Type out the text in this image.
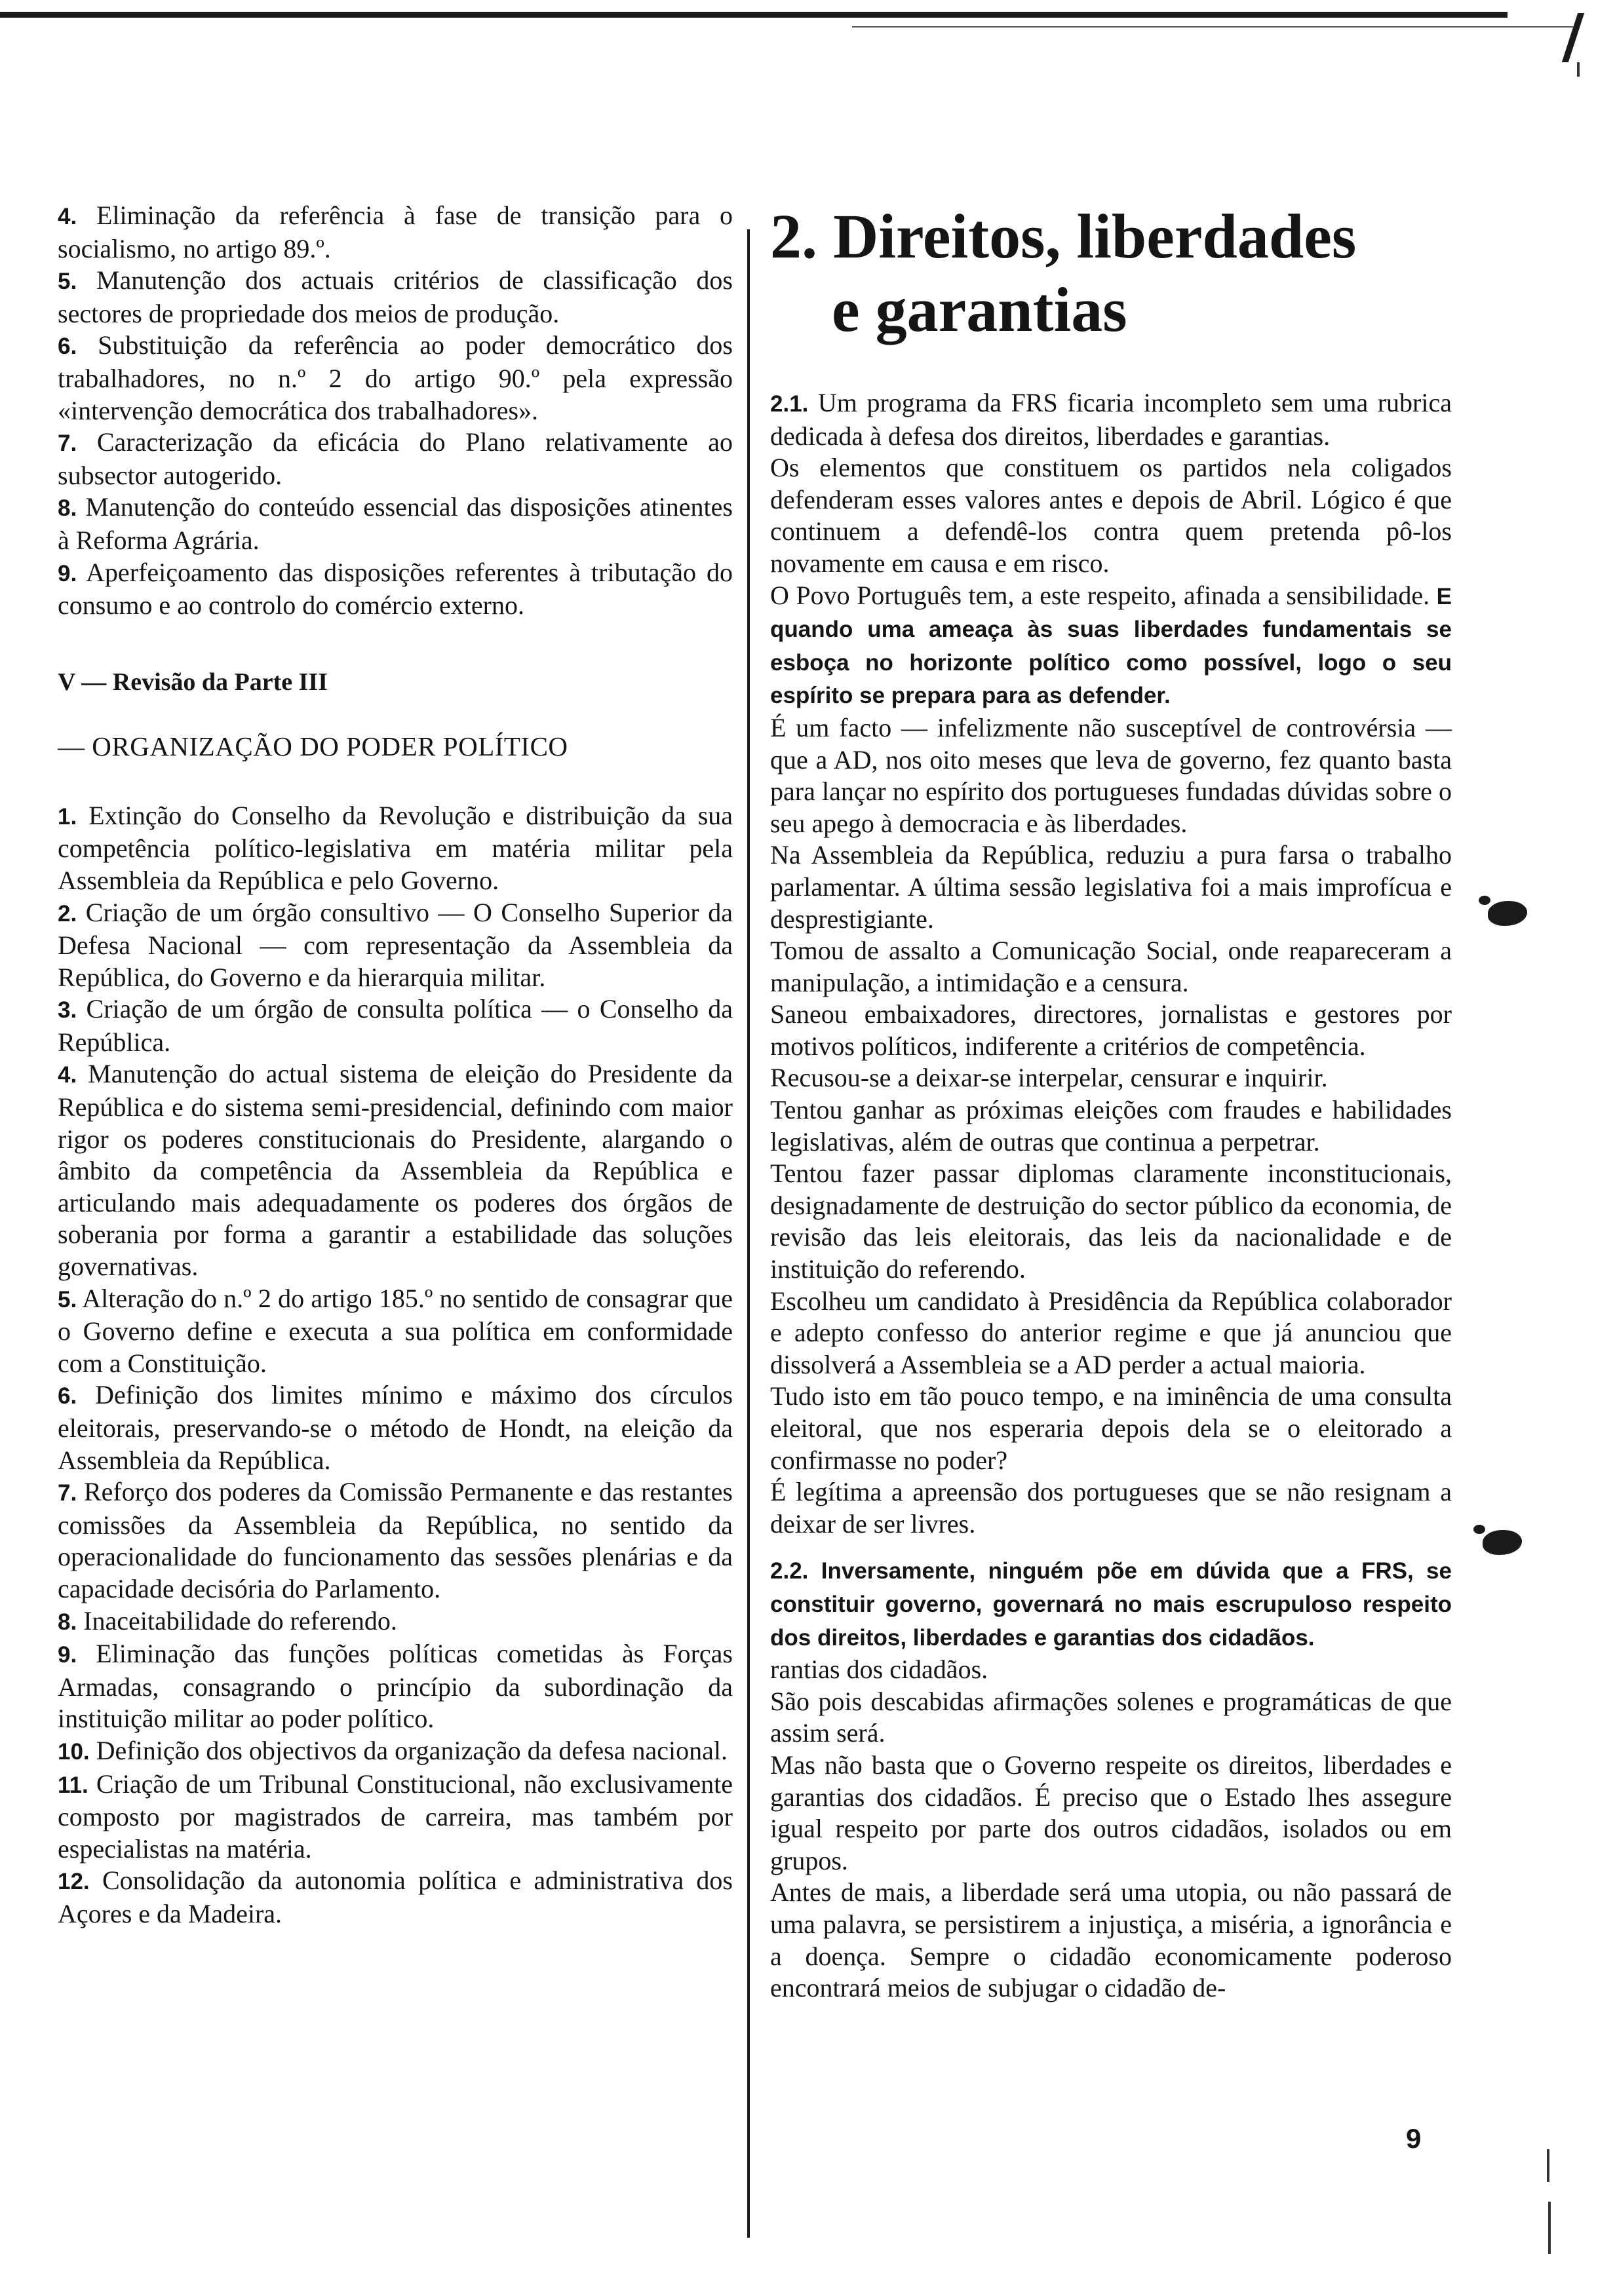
4. Eliminação da referência à fase de transição para o socialismo, no artigo 89.º.

5. Manutenção dos actuais critérios de classificação dos sectores de propriedade dos meios de produção.

6. Substituição da referência ao poder democrático dos trabalhadores, no n.º 2 do artigo 90.º pela expressão «intervenção democrática dos trabalhadores».

7. Caracterização da eficácia do Plano relativamente ao subsector autogerido.

8. Manutenção do conteúdo essencial das disposições atinentes à Reforma Agrária.

9. Aperfeiçoamento das disposições referentes à tributação do consumo e ao controlo do comércio externo.

V — Revisão da Parte III

— ORGANIZAÇÃO DO PODER POLÍTICO

1. Extinção do Conselho da Revolução e distribuição da sua competência político-legislativa em matéria militar pela Assembleia da República e pelo Governo.

2. Criação de um órgão consultivo — O Conselho Superior da Defesa Nacional — com representação da Assembleia da República, do Governo e da hierarquia militar.

3. Criação de um órgão de consulta política — o Conselho da República.

4. Manutenção do actual sistema de eleição do Presidente da República e do sistema semi-presidencial, definindo com maior rigor os poderes constitucionais do Presidente, alargando o âmbito da competência da Assembleia da República e articulando mais adequadamente os poderes dos órgãos de soberania por forma a garantir a estabilidade das soluções governativas.

5. Alteração do n.º 2 do artigo 185.º no sentido de consagrar que o Governo define e executa a sua política em conformidade com a Constituição.

6. Definição dos limites mínimo e máximo dos círculos eleitorais, preservando-se o método de Hondt, na eleição da Assembleia da República.

7. Reforço dos poderes da Comissão Permanente e das restantes comissões da Assembleia da República, no sentido da operacionalidade do funcionamento das sessões plenárias e da capacidade decisória do Parlamento.

8. Inaceitabilidade do referendo.

9. Eliminação das funções políticas cometidas às Forças Armadas, consagrando o princípio da subordinação da instituição militar ao poder político.

10. Definição dos objectivos da organização da defesa nacional.

11. Criação de um Tribunal Constitucional, não exclusivamente composto por magistrados de carreira, mas também por especialistas na matéria.

12. Consolidação da autonomia política e administrativa dos Açores e da Madeira.

2. Direitos, liberdades
e garantias

2.1. Um programa da FRS ficaria incompleto sem uma rubrica dedicada à defesa dos direitos, liberdades e garantias.

Os elementos que constituem os partidos nela coligados defenderam esses valores antes e depois de Abril. Lógico é que continuem a defendê-los contra quem pretenda pô-los novamente em causa e em risco.

O Povo Português tem, a este respeito, afinada a sensibilidade. E quando uma ameaça às suas liberdades fundamentais se esboça no horizonte político como possível, logo o seu espírito se prepara para as defender.

É um facto — infelizmente não susceptível de controvérsia — que a AD, nos oito meses que leva de governo, fez quanto basta para lançar no espírito dos portugueses fundadas dúvidas sobre o seu apego à democracia e às liberdades.

Na Assembleia da República, reduziu a pura farsa o trabalho parlamentar. A última sessão legislativa foi a mais improfícua e desprestigiante.

Tomou de assalto a Comunicação Social, onde reapareceram a manipulação, a intimidação e a censura.

Saneou embaixadores, directores, jornalistas e gestores por motivos políticos, indiferente a critérios de competência.

Recusou-se a deixar-se interpelar, censurar e inquirir.

Tentou ganhar as próximas eleições com fraudes e habilidades legislativas, além de outras que continua a perpetrar.

Tentou fazer passar diplomas claramente inconstitucionais, designadamente de destruição do sector público da economia, de revisão das leis eleitorais, das leis da nacionalidade e de instituição do referendo.

Escolheu um candidato à Presidência da República colaborador e adepto confesso do anterior regime e que já anunciou que dissolverá a Assembleia se a AD perder a actual maioria.

Tudo isto em tão pouco tempo, e na iminência de uma consulta eleitoral, que nos esperaria depois dela se o eleitorado a confirmasse no poder?

É legítima a apreensão dos portugueses que se não resignam a deixar de ser livres.

2.2. Inversamente, ninguém põe em dúvida que a FRS, se constituir governo, governará no mais escrupuloso respeito dos direitos, liberdades e garantias dos cidadãos.

rantias dos cidadãos.

São pois descabidas afirmações solenes e programáticas de que assim será.

Mas não basta que o Governo respeite os direitos, liberdades e garantias dos cidadãos. É preciso que o Estado lhes assegure igual respeito por parte dos outros cidadãos, isolados ou em grupos.

Antes de mais, a liberdade será uma utopia, ou não passará de uma palavra, se persistirem a injustiça, a miséria, a ignorância e a doença. Sempre o cidadão economicamente poderoso encontrará meios de subjugar o cidadão de-

9
